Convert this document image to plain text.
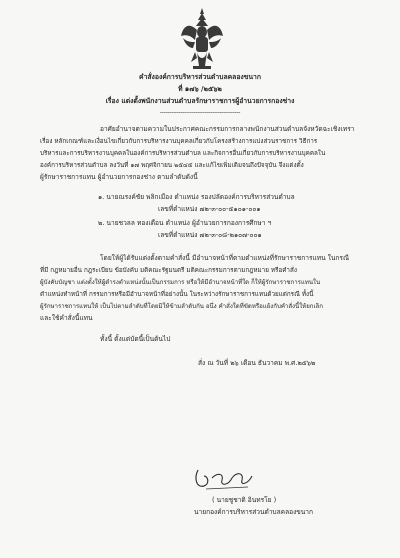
คำสั่งองค์การบริหารส่วนตำบลคลองขนาก
ที่ ๑๗๖ /๒๕๖๒
เรื่อง แต่งตั้งพนักงานส่วนตำบลรักษาราชการผู้อำนวยการกองช่าง
-------------------------------------------
อาศัยอำนาจตามความในประกาศคณะกรรมการกลางพนักงานส่วนตำบลจังหวัดฉะเชิงเทรา
เรื่อง หลักเกณฑ์และเงื่อนไขเกี่ยวกับการบริหารงานบุคคลเกี่ยวกับโครงสร้างการแบ่งส่วนราชการ วิธีการ
บริหารและการบริหารงานบุคคลในองค์การบริหารส่วนตำบล และกิจการอื่นเกี่ยวกับการบริหารงานบุคคลใน
องค์การบริหารส่วนตำบล ลงวันที่ ๑๗ พฤศจิกายน ๒๕๔๕ และแก้ไขเพิ่มเติมจนถึงปัจจุบัน จึงแต่งตั้ง
ผู้รักษาราชการแทน ผู้อำนวยการกองช่าง ตามลำดับดังนี้
๑. นายณรงค์ชัย พลิกเมือง ตำแหน่ง รองปลัดองค์การบริหารส่วนตำบล
เลขที่ตำแหน่ง ๗๒-๓-๐๐-๕๑๐๑-๐๐๑
๒. นายชวลล ทองเดือน ตำแหน่ง ผู้อำนวยการกองการศึกษา ฯ
เลขที่ตำแหน่ง ๗๒-๓-๐๘-๒๑๐๗-๐๐๑
โดยให้ผู้ได้รับแต่งตั้งตามคำสั่งนี้ มีอำนาจหน้าที่ตามตำแหน่งที่รักษาราชการแทน ในกรณี
ที่มี กฎหมายอื่น กฎระเบียบ ข้อบังคับ มติคณะรัฐมนตรี มติคณะกรรมการตามกฎหมาย หรือคำสั่ง
ผู้บังคับบัญชา แต่งตั้งให้ผู้ดำรงตำแหน่งนั้นเป็นกรรมการ หรือให้มีอำนาจหน้าที่ใด ก็ให้ผู้รักษาราชการแทนใน
ตำแหน่งทำหน้าที่ กรรมการหรือมีอำนาจหน้าที่อย่างนั้น ในระหว่างรักษาราชการแทนด้วยแต่กรณี ทั้งนี้
ผู้รักษาราชการแทนให้ เป็นไปตามลำดับที่โดยมิให้ข้ามลำดับกัน อนึ่ง คำสั่งใดที่ขัดหรือแย้งกับคำสั่งนี้ให้ยกเลิก
และใช้คำสั่งนี้แทน
ทั้งนี้ ตั้งแต่บัดนี้เป็นต้นไป
สั่ง ณ วันที่ ๒๖ เดือน ธันวาคม พ.ศ.๒๕๖๒
( นายชูชาติ อินทรโย )
นายกองค์การบริหารส่วนตำบลคลองขนาก
